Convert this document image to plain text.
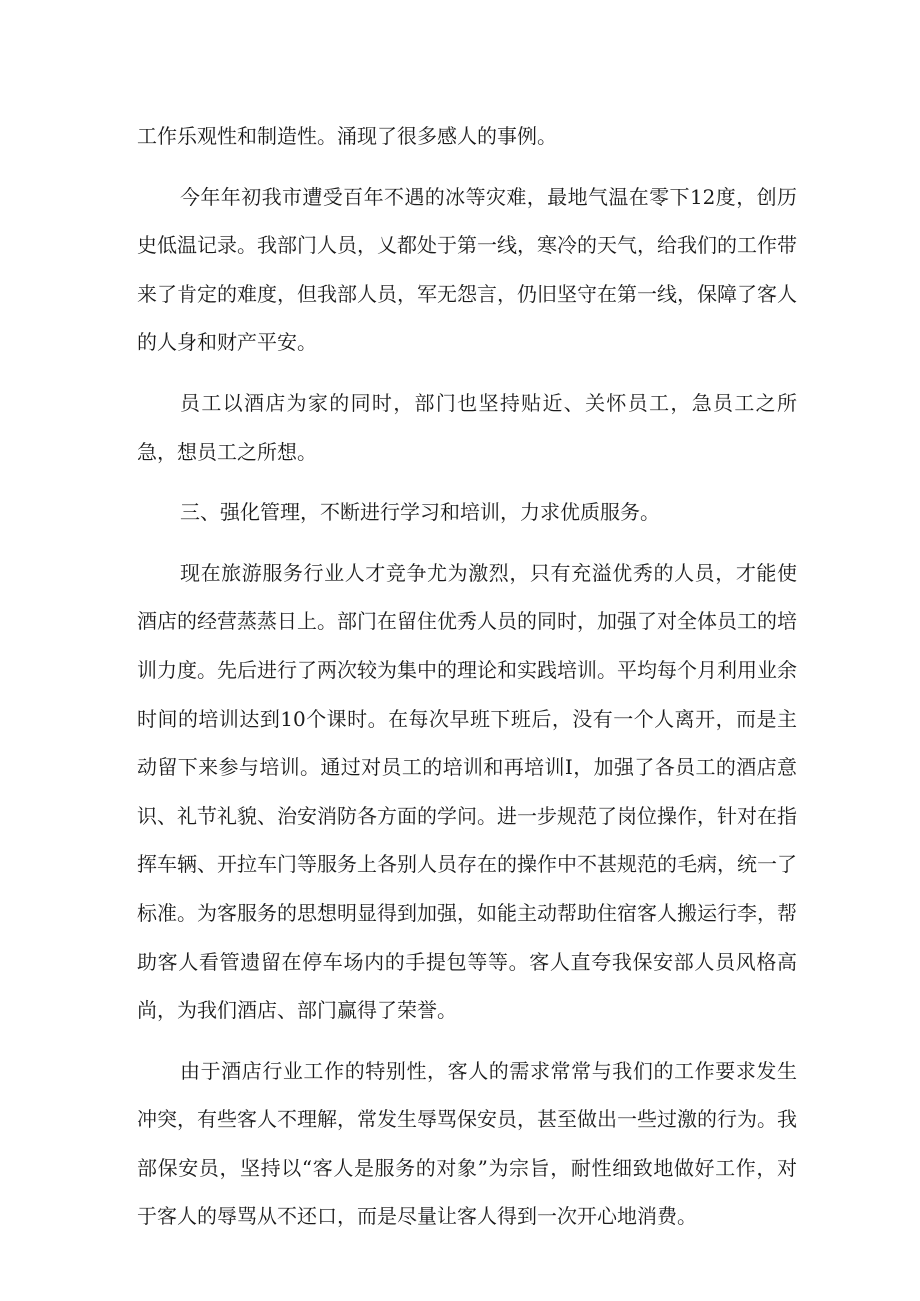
工作乐观性和制造性。涌现了很多感人的事例。

今年年初我市遭受百年不遇的冰等灾难，最地气温在零下12度，创历史低温记录。我部门人员，乂都处于第一线，寒冷的天气，给我们的工作带来了肯定的难度，但我部人员，军无怨言，仍旧坚守在第一线，保障了客人的人身和财产平安。

员工以酒店为家的同时，部门也坚持贴近、关怀员工，急员工之所急，想员工之所想。

三、强化管理，不断进行学习和培训，力求优质服务。

现在旅游服务行业人才竞争尤为激烈，只有充溢优秀的人员，才能使酒店的经营蒸蒸日上。部门在留住优秀人员的同时，加强了对全体员工的培训力度。先后进行了两次较为集中的理论和实践培训。平均每个月利用业余时间的培训达到10个课时。在每次早班下班后，没有一个人离开，而是主动留下来参与培训。通过对员工的培训和再培训I，加强了各员工的酒店意识、礼节礼貌、治安消防各方面的学问。进一步规范了岗位操作，针对在指挥车辆、开拉车门等服务上各别人员存在的操作中不甚规范的毛病，统一了标准。为客服务的思想明显得到加强，如能主动帮助住宿客人搬运行李，帮助客人看管遗留在停车场内的手提包等等。客人直夸我保安部人员风格高尚，为我们酒店、部门赢得了荣誉。

由于酒店行业工作的特别性，客人的需求常常与我们的工作要求发生冲突，有些客人不理解，常发生辱骂保安员，甚至做出一些过激的行为。我部保安员，坚持以“客人是服务的对象”为宗旨，耐性细致地做好工作，对于客人的辱骂从不还口，而是尽量让客人得到一次开心地消费。
